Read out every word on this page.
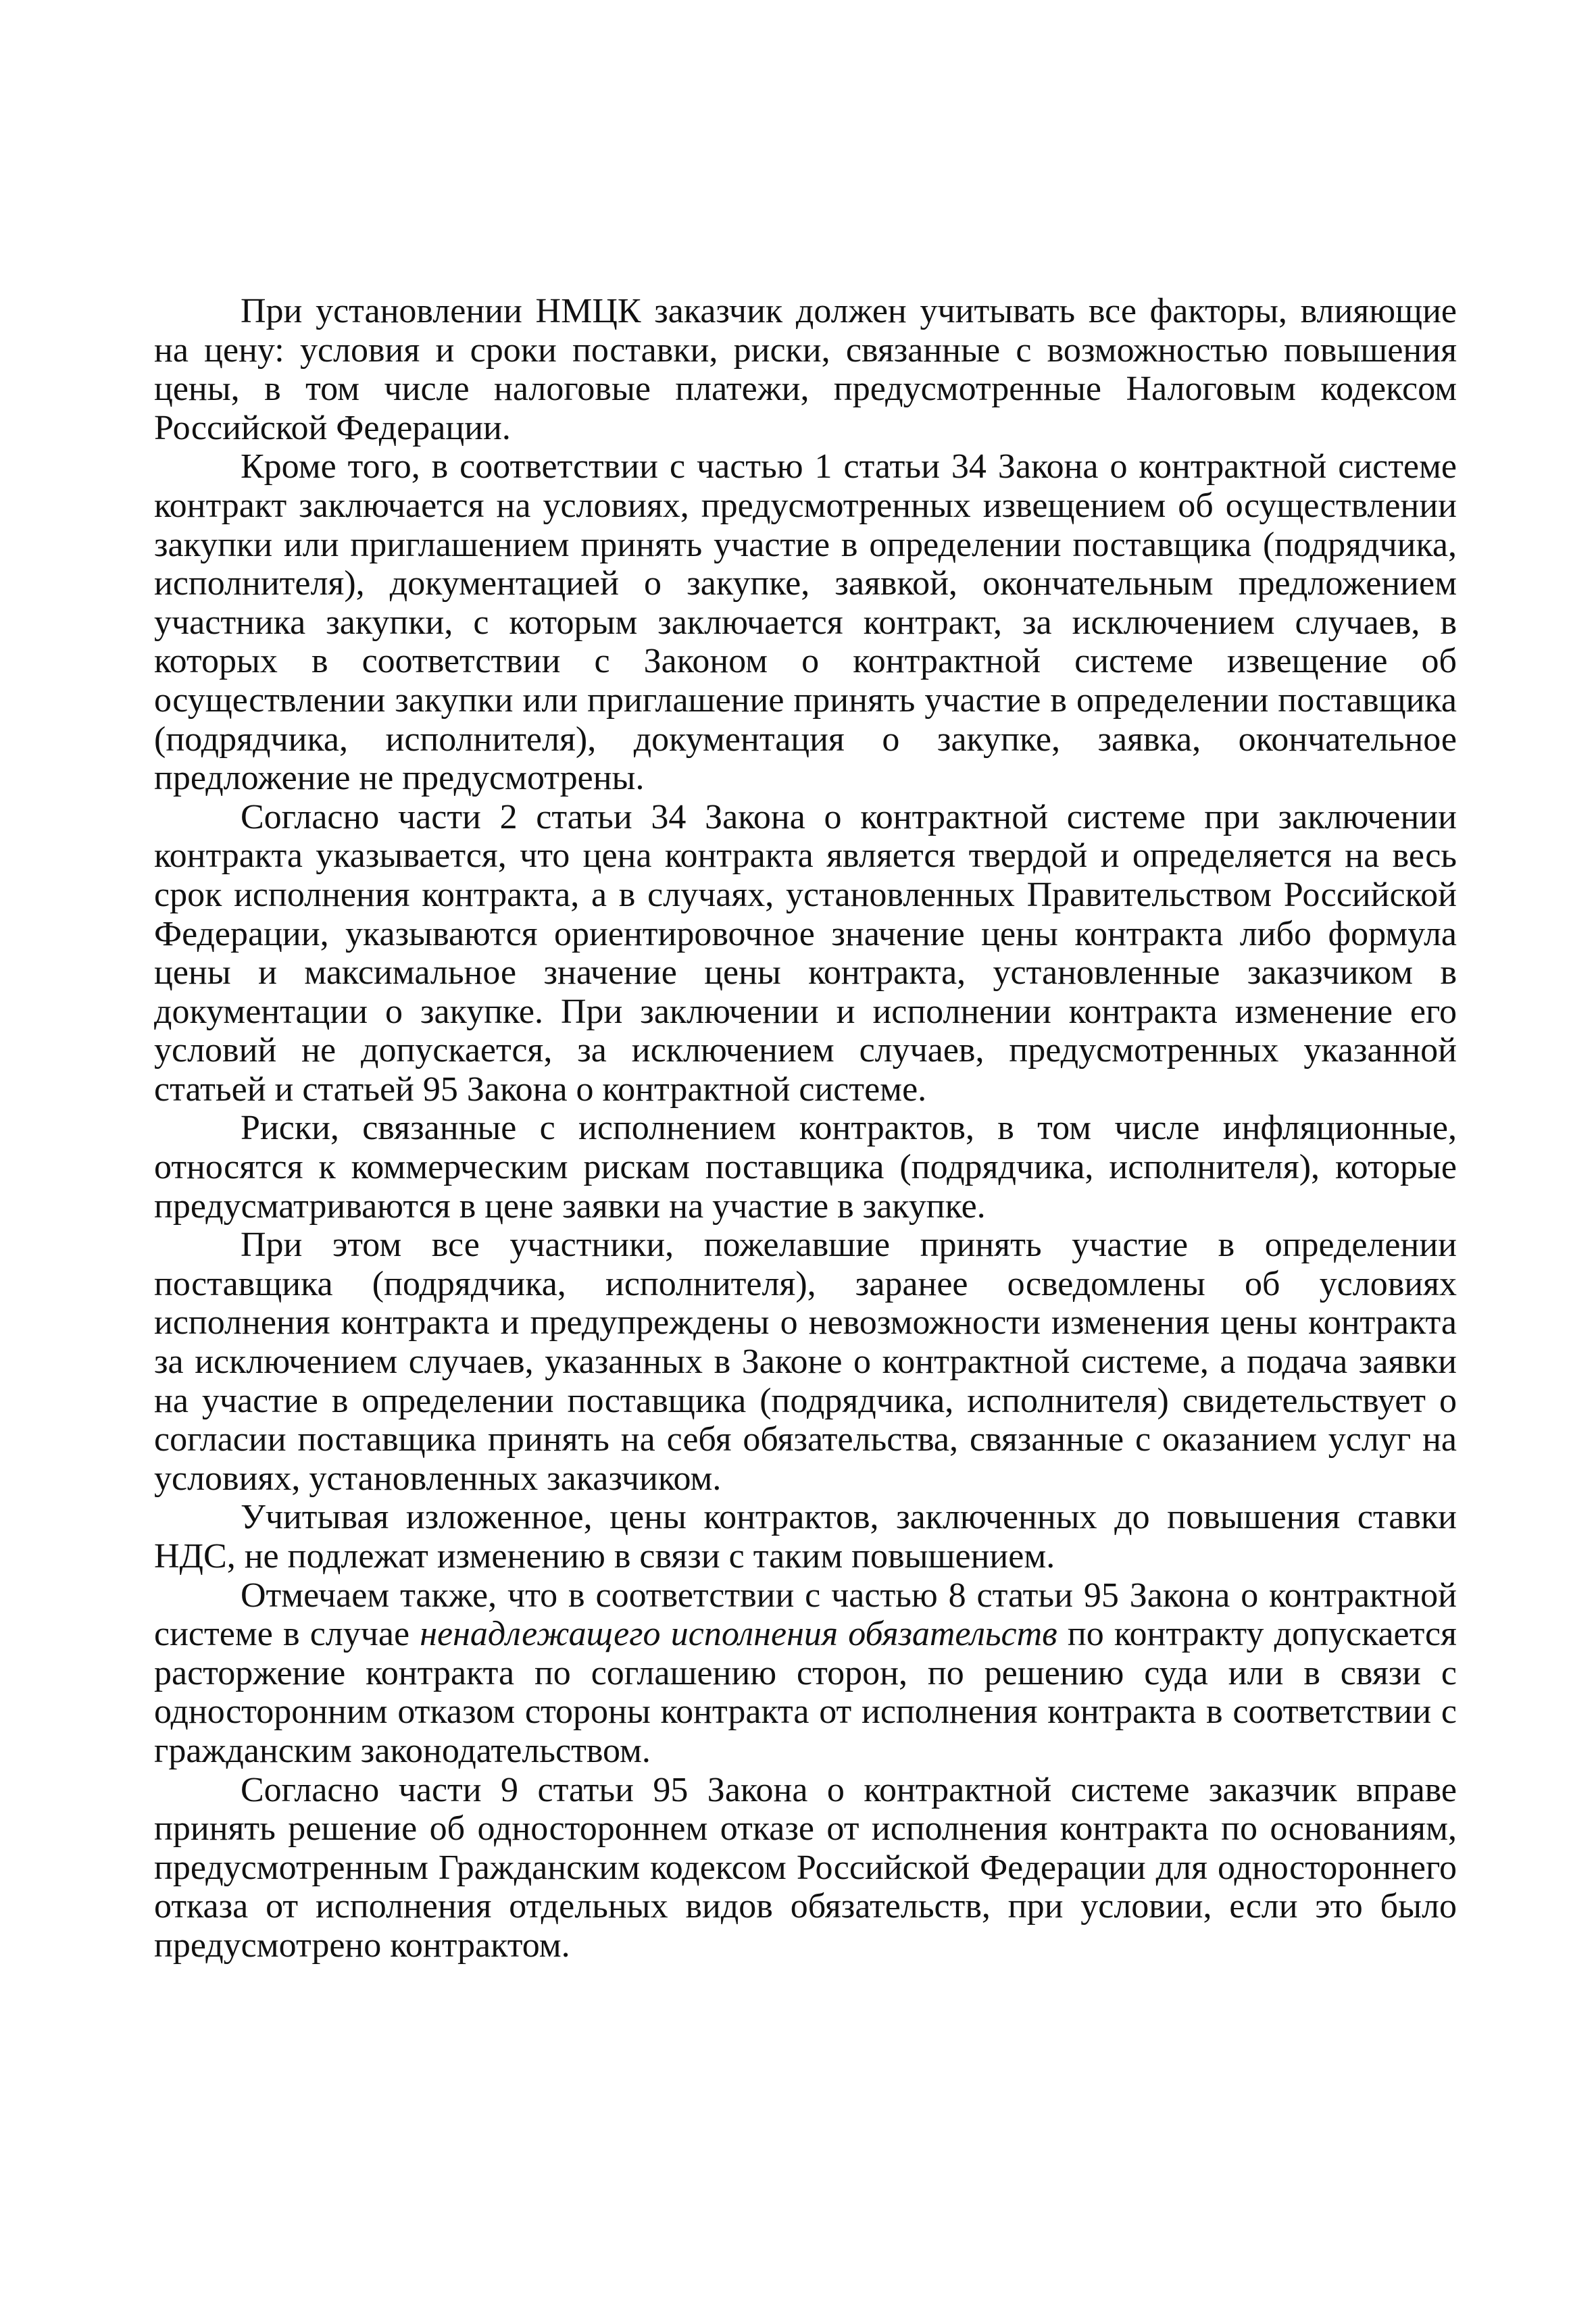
При установлении НМЦК заказчик должен учитывать все факторы, влияющие на цену: условия и сроки поставки, риски, связанные с возможностью повышения цены, в том числе налоговые платежи, предусмотренные Налоговым кодексом Российской Федерации.

Кроме того, в соответствии с частью 1 статьи 34 Закона о контрактной системе контракт заключается на условиях, предусмотренных извещением об осуществлении закупки или приглашением принять участие в определении поставщика (подрядчика, исполнителя), документацией о закупке, заявкой, окончательным предложением участника закупки, с которым заключается контракт, за исключением случаев, в которых в соответствии с Законом о контрактной системе извещение об осуществлении закупки или приглашение принять участие в определении поставщика (подрядчика, исполнителя), документация о закупке, заявка, окончательное предложение не предусмотрены.

Согласно части 2 статьи 34 Закона о контрактной системе при заключении контракта указывается, что цена контракта является твердой и определяется на весь срок исполнения контракта, а в случаях, установленных Правительством Российской Федерации, указываются ориентировочное значение цены контракта либо формула цены и максимальное значение цены контракта, установленные заказчиком в документации о закупке. При заключении и исполнении контракта изменение его условий не допускается, за исключением случаев, предусмотренных указанной статьей и статьей 95 Закона о контрактной системе.

Риски, связанные с исполнением контрактов, в том числе инфляционные, относятся к коммерческим рискам поставщика (подрядчика, исполнителя), которые предусматриваются в цене заявки на участие в закупке.

При этом все участники, пожелавшие принять участие в определении поставщика (подрядчика, исполнителя), заранее осведомлены об условиях исполнения контракта и предупреждены о невозможности изменения цены контракта за исключением случаев, указанных в Законе о контрактной системе, а подача заявки на участие в определении поставщика (подрядчика, исполнителя) свидетельствует о согласии поставщика принять на себя обязательства, связанные с оказанием услуг на условиях, установленных заказчиком.

Учитывая изложенное, цены контрактов, заключенных до повышения ставки НДС, не подлежат изменению в связи с таким повышением.

Отмечаем также, что в соответствии с частью 8 статьи 95 Закона о контрактной системе в случае ненадлежащего исполнения обязательств по контракту допускается расторжение контракта по соглашению сторон, по решению суда или в связи с односторонним отказом стороны контракта от исполнения контракта в соответствии с гражданским законодательством.

Согласно части 9 статьи 95 Закона о контрактной системе заказчик вправе принять решение об одностороннем отказе от исполнения контракта по основаниям, предусмотренным Гражданским кодексом Российской Федерации для одностороннего отказа от исполнения отдельных видов обязательств, при условии, если это было предусмотрено контрактом.
